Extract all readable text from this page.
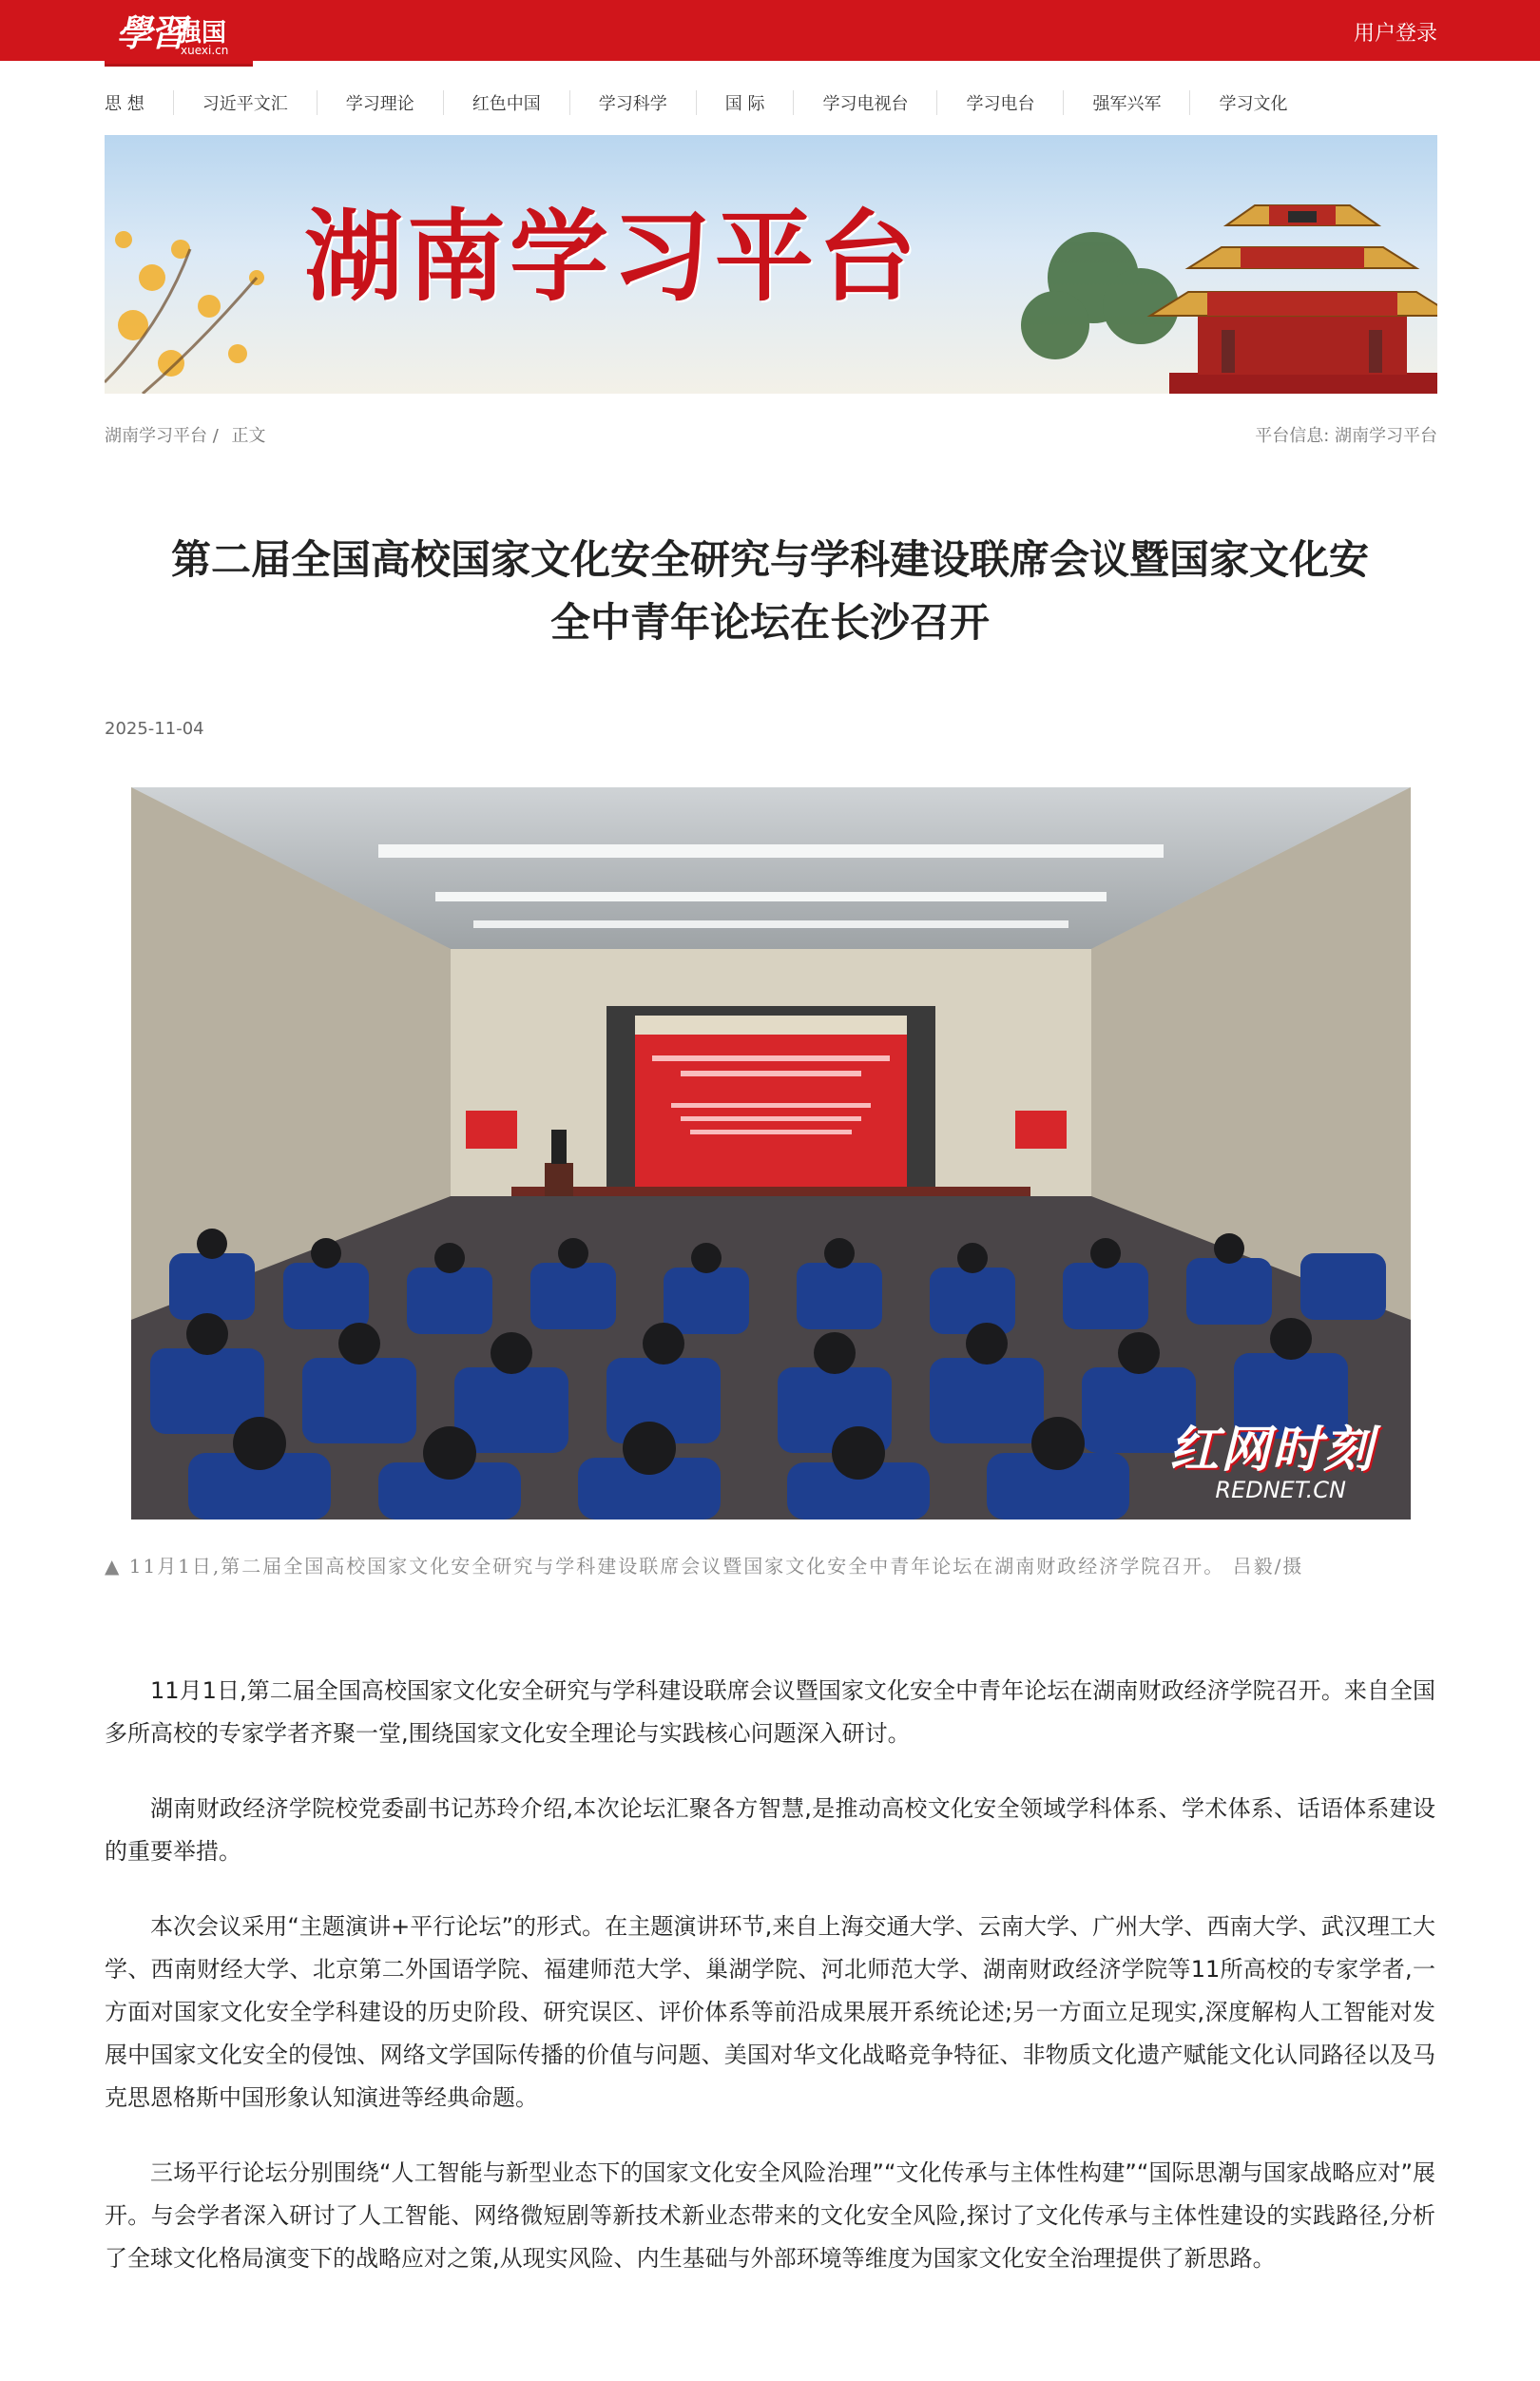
學習
强国
xuexi.cn
用户登录
思 想	习近平文汇	学习理论	红色中国	学习科学	国 际	学习电视台	学习电台	强军兴军	学习文化
湖南学习平台
湖南学习平台 / 正文	平台信息: 湖南学习平台
第二届全国高校国家文化安全研究与学科建设联席会议暨国家文化安全中青年论坛在长沙召开
2025-11-04
红网时刻
REDNET.CN
▲ 11月1日,第二届全国高校国家文化安全研究与学科建设联席会议暨国家文化安全中青年论坛在湖南财政经济学院召开。 吕毅/摄

11月1日,第二届全国高校国家文化安全研究与学科建设联席会议暨国家文化安全中青年论坛在湖南财政经济学院召开。来自全国多所高校的专家学者齐聚一堂,围绕国家文化安全理论与实践核心问题深入研讨。

湖南财政经济学院校党委副书记苏玲介绍,本次论坛汇聚各方智慧,是推动高校文化安全领域学科体系、学术体系、话语体系建设的重要举措。

本次会议采用“主题演讲+平行论坛”的形式。在主题演讲环节,来自上海交通大学、云南大学、广州大学、西南大学、武汉理工大学、西南财经大学、北京第二外国语学院、福建师范大学、巢湖学院、河北师范大学、湖南财政经济学院等11所高校的专家学者,一方面对国家文化安全学科建设的历史阶段、研究误区、评价体系等前沿成果展开系统论述;另一方面立足现实,深度解构人工智能对发展中国家文化安全的侵蚀、网络文学国际传播的价值与问题、美国对华文化战略竞争特征、非物质文化遗产赋能文化认同路径以及马克思恩格斯中国形象认知演进等经典命题。

三场平行论坛分别围绕“人工智能与新型业态下的国家文化安全风险治理”“文化传承与主体性构建”“国际思潮与国家战略应对”展开。与会学者深入研讨了人工智能、网络微短剧等新技术新业态带来的文化安全风险,探讨了文化传承与主体性建设的实践路径,分析了全球文化格局演变下的战略应对之策,从现实风险、内生基础与外部环境等维度为国家文化安全治理提供了新思路。
